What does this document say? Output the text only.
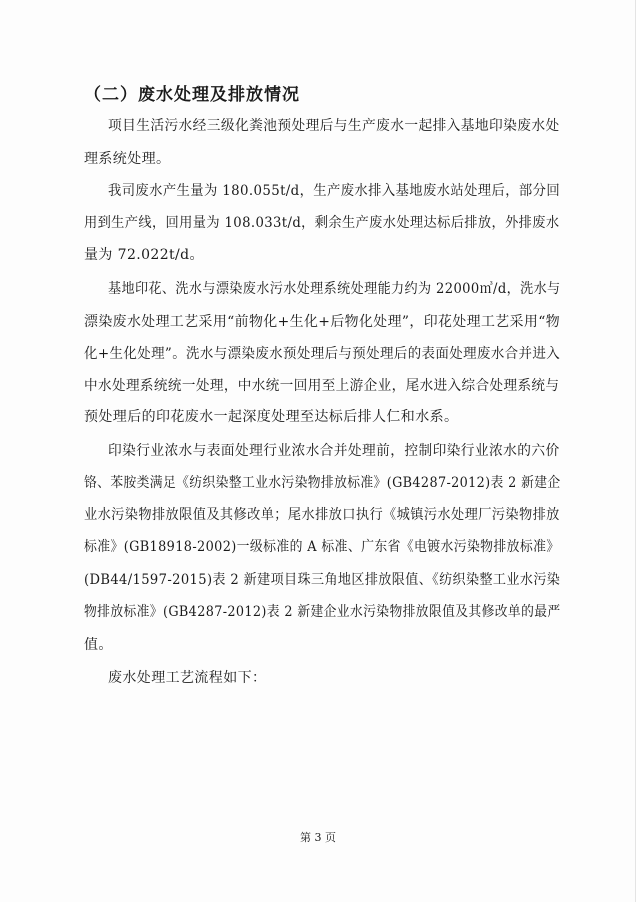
（二）废水处理及排放情况
项目生活污水经三级化粪池预处理后与生产废水一起排入基地印染废水处
理系统处理。
我司废水产生量为 180.055t/d，生产废水排入基地废水站处理后，部分回
用到生产线，回用量为 108.033t/d，剩余生产废水处理达标后排放，外排废水
量为 72.022t/d。
基地印花、洗水与漂染废水污水处理系统处理能力约为 22000㎥/d，洗水与
漂染废水处理工艺采用“前物化+生化+后物化处理”，印花处理工艺采用“物
化+生化处理”。洗水与漂染废水预处理后与预处理后的表面处理废水合并进入
中水处理系统统一处理，中水统一回用至上游企业，尾水进入综合处理系统与
预处理后的印花废水一起深度处理至达标后排人仁和水系。
印染行业浓水与表面处理行业浓水合并处理前，控制印染行业浓水的六价
铬、苯胺类满足《纺织染整工业水污染物排放标准》(GB4287-2012)表 2 新建企
业水污染物排放限值及其修改单；尾水排放口执行《城镇污水处理厂污染物排放
标准》(GB18918-2002)一级标准的 A 标准、广东省《电镀水污染物排放标准》
(DB44/1597-2015)表 2 新建项目珠三角地区排放限值、《纺织染整工业水污染
物排放标准》(GB4287-2012)表 2 新建企业水污染物排放限值及其修改单的最严
值。
废水处理工艺流程如下：
第 3 页
